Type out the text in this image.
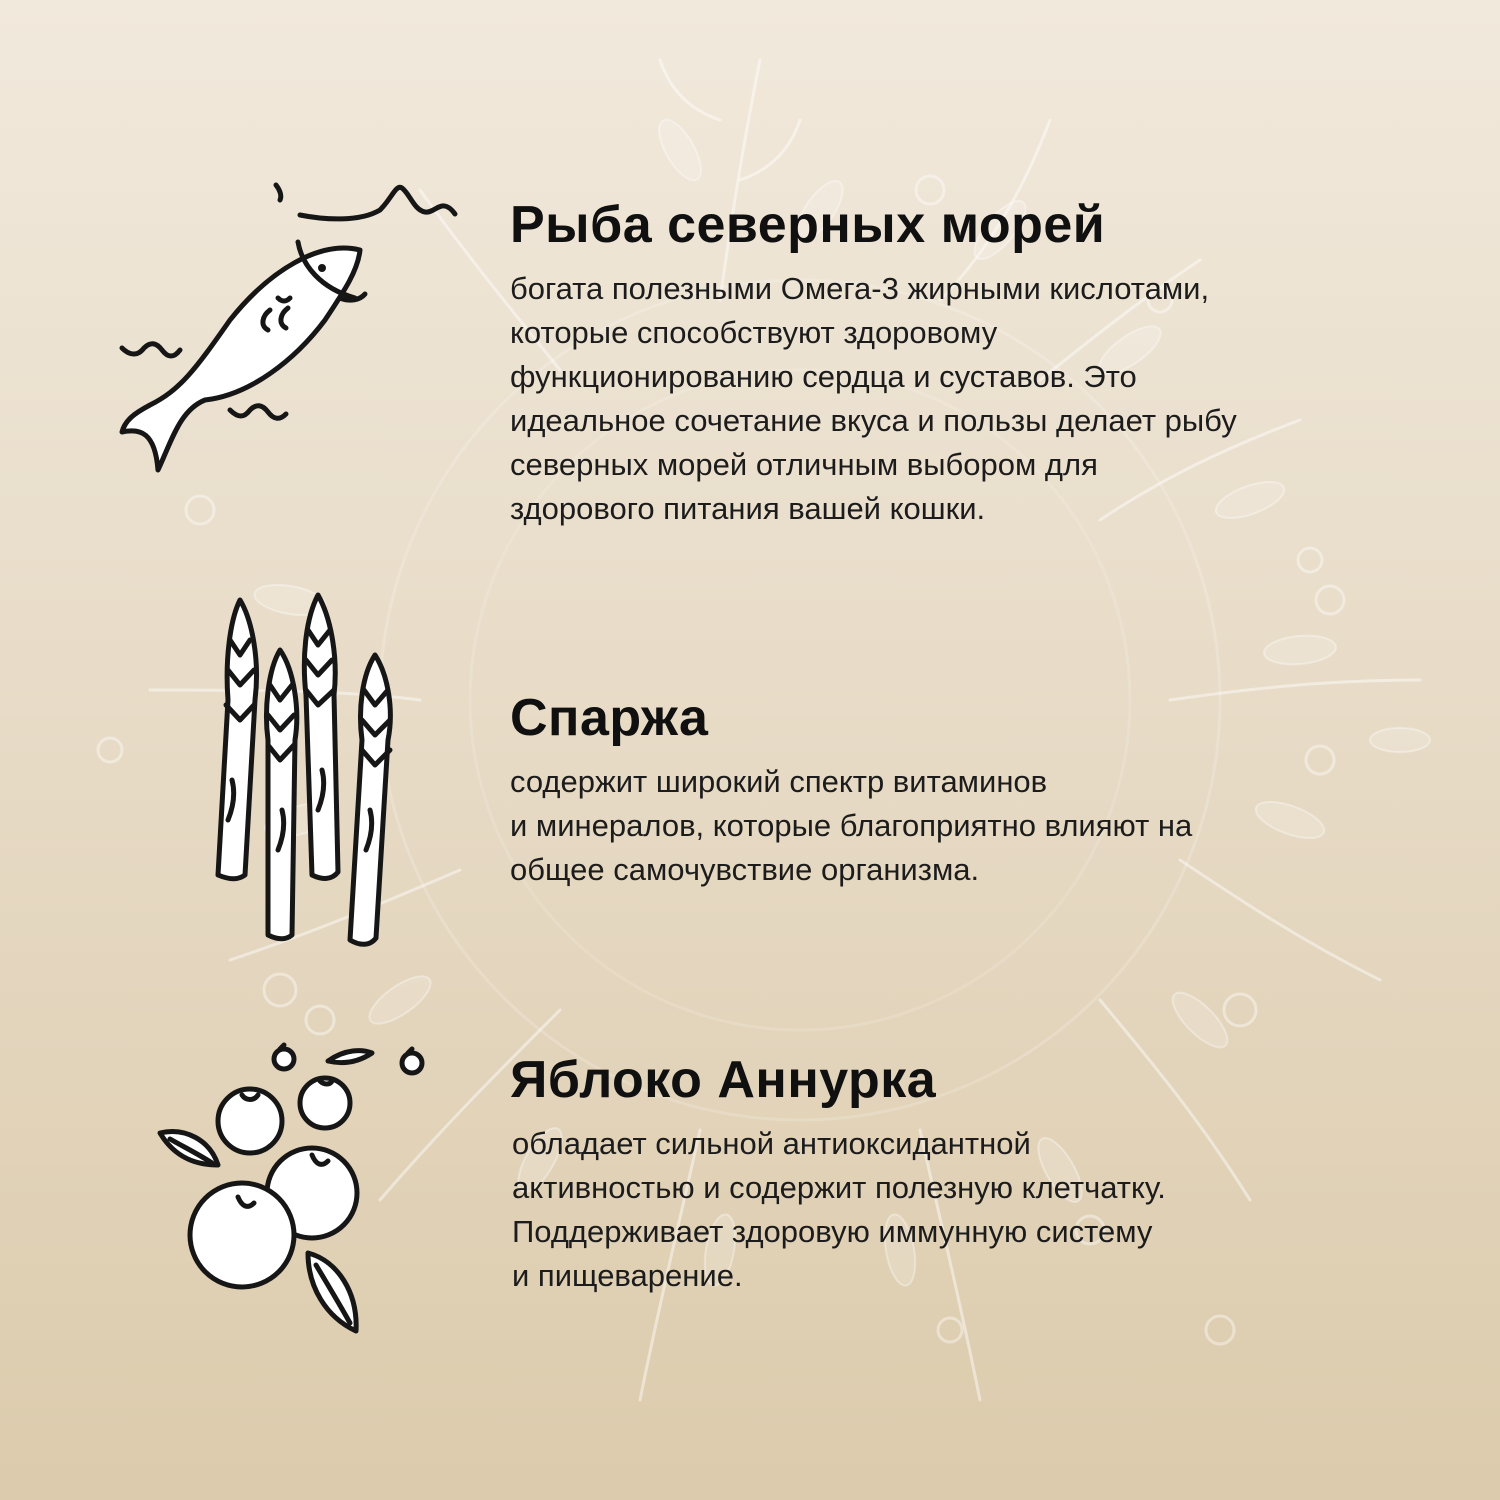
Рыба северных морей

богата полезными Омега-3 жирными кислотами,
которые способствуют здоровому
функционированию сердца и суставов. Это
идеальное сочетание вкуса и пользы делает рыбу
северных морей отличным выбором для
здорового питания вашей кошки.

Спаржа

содержит широкий спектр витаминов
и минералов, которые благоприятно влияют на
общее самочувствие организма.

Яблоко Аннурка

обладает сильной антиоксидантной
активностью и содержит полезную клетчатку.
Поддерживает здоровую иммунную систему
и пищеварение.
